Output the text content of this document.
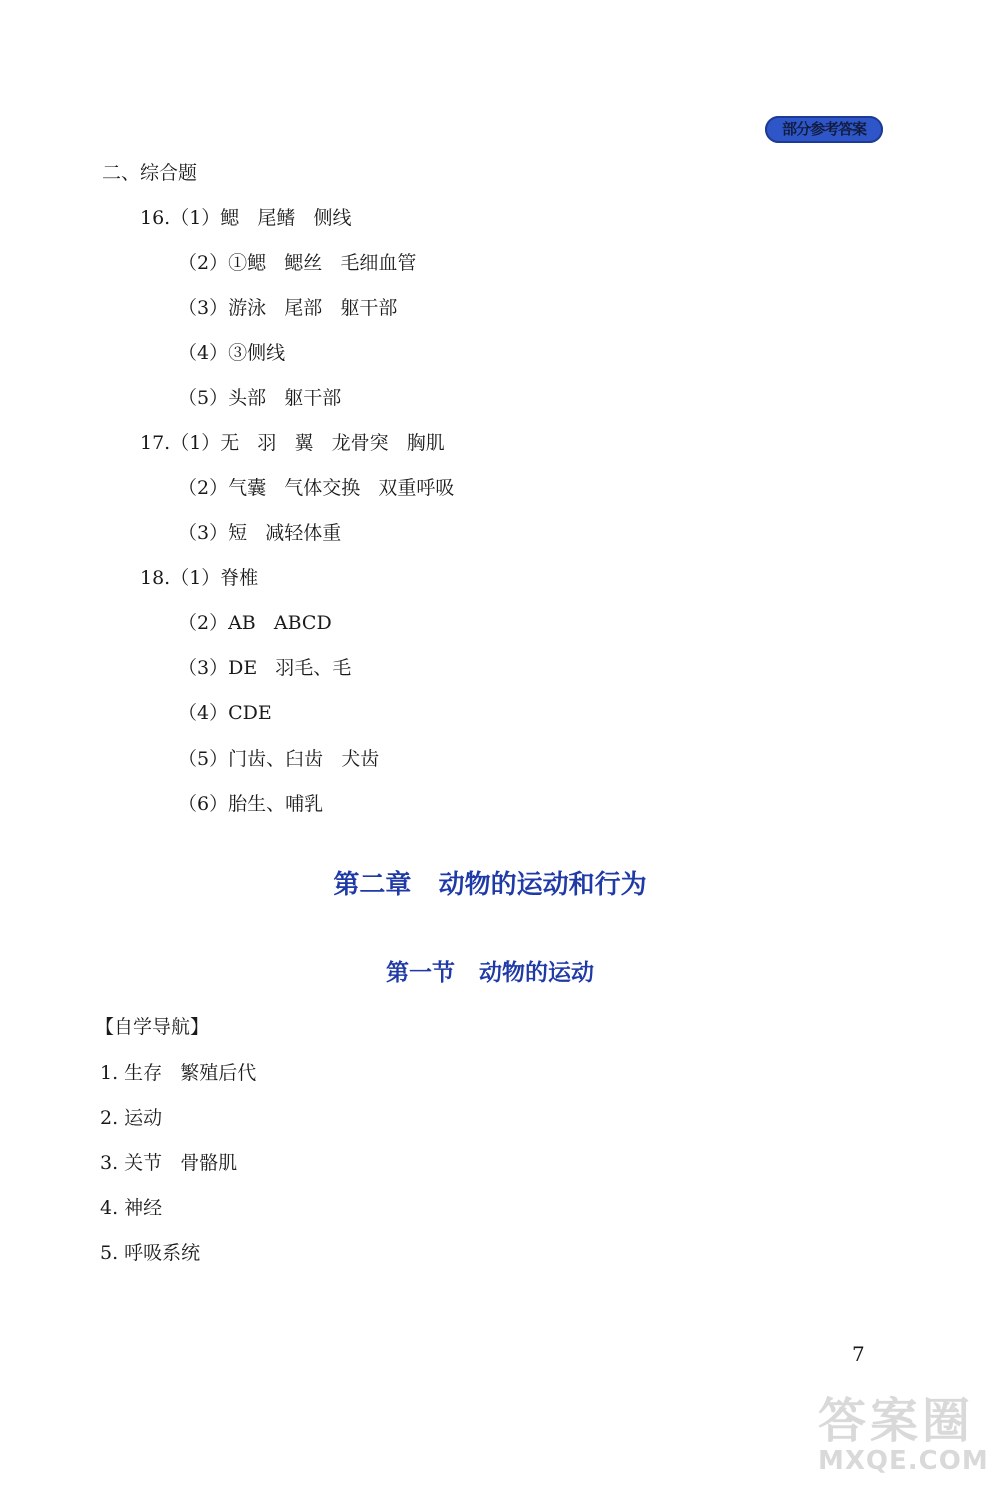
部分参考答案
二、综合题
16.（1）鳃   尾鳍   侧线
（2）①鳃   鳃丝   毛细血管
（3）游泳   尾部   躯干部
（4）③侧线
（5）头部   躯干部
17.（1）无   羽   翼   龙骨突   胸肌
（2）气囊   气体交换   双重呼吸
（3）短   减轻体重
18.（1）脊椎
（2）AB   ABCD
（3）DE   羽毛、毛
（4）CDE
（5）门齿、臼齿   犬齿
（6）胎生、哺乳
第二章   动物的运动和行为
第一节   动物的运动
【自学导航】
1. 生存   繁殖后代
2. 运动
3. 关节   骨骼肌
4. 神经
5. 呼吸系统
7
答案圈
MXQE.COM
